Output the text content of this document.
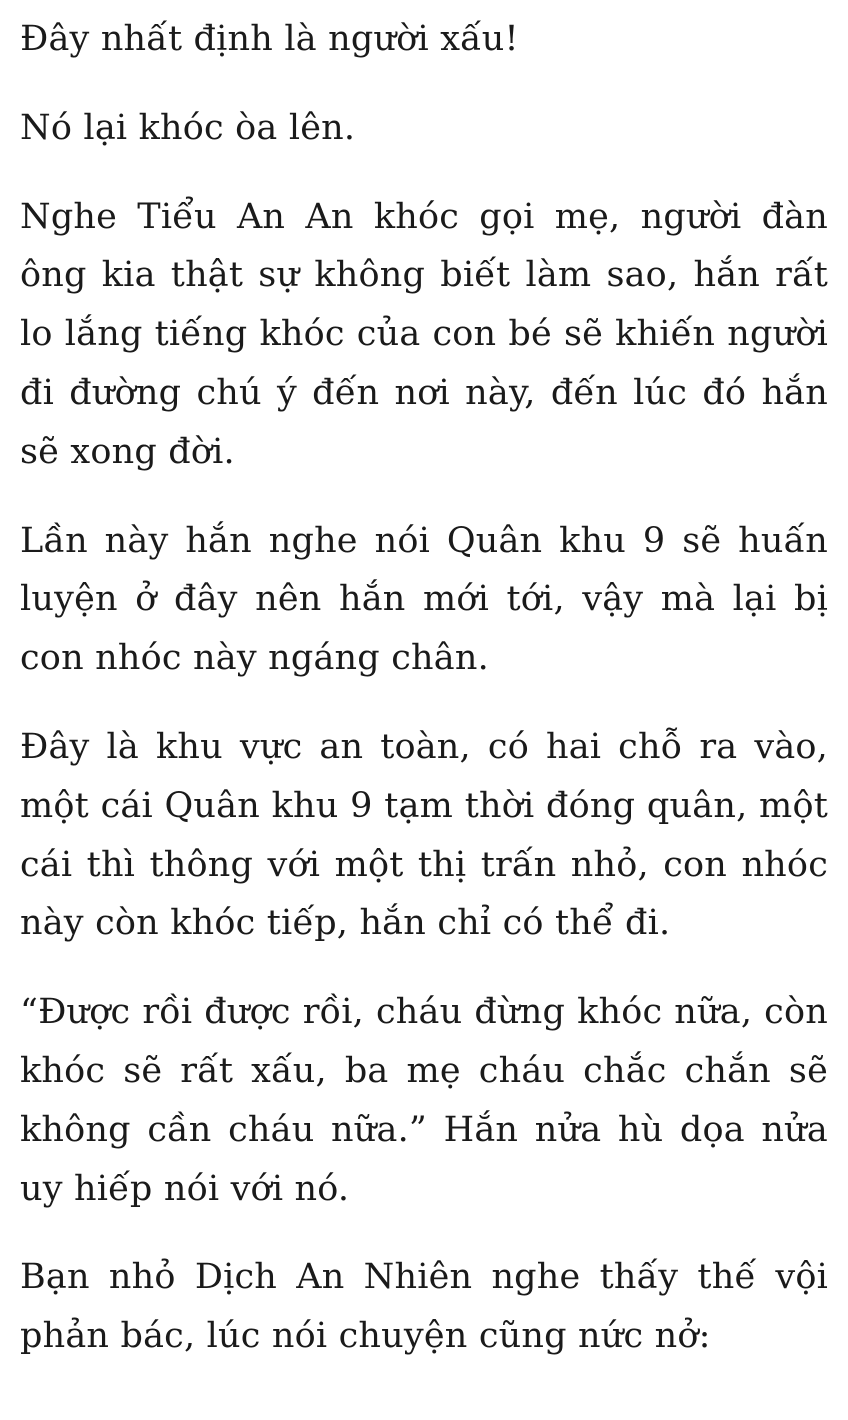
Đây nhất định là người xấu!

Nó lại khóc òa lên.

Nghe Tiểu An An khóc gọi mẹ, người đàn ông kia thật sự không biết làm sao, hắn rất lo lắng tiếng khóc của con bé sẽ khiến người đi đường chú ý đến nơi này, đến lúc đó hắn sẽ xong đời.

Lần này hắn nghe nói Quân khu 9 sẽ huấn luyện ở đây nên hắn mới tới, vậy mà lại bị con nhóc này ngáng chân.

Đây là khu vực an toàn, có hai chỗ ra vào, một cái Quân khu 9 tạm thời đóng quân, một cái thì thông với một thị trấn nhỏ, con nhóc này còn khóc tiếp, hắn chỉ có thể đi.

“Được rồi được rồi, cháu đừng khóc nữa, còn khóc sẽ rất xấu, ba mẹ cháu chắc chắn sẽ không cần cháu nữa.” Hắn nửa hù dọa nửa uy hiếp nói với nó.

Bạn nhỏ Dịch An Nhiên nghe thấy thế vội phản bác, lúc nói chuyện cũng nức nở:
